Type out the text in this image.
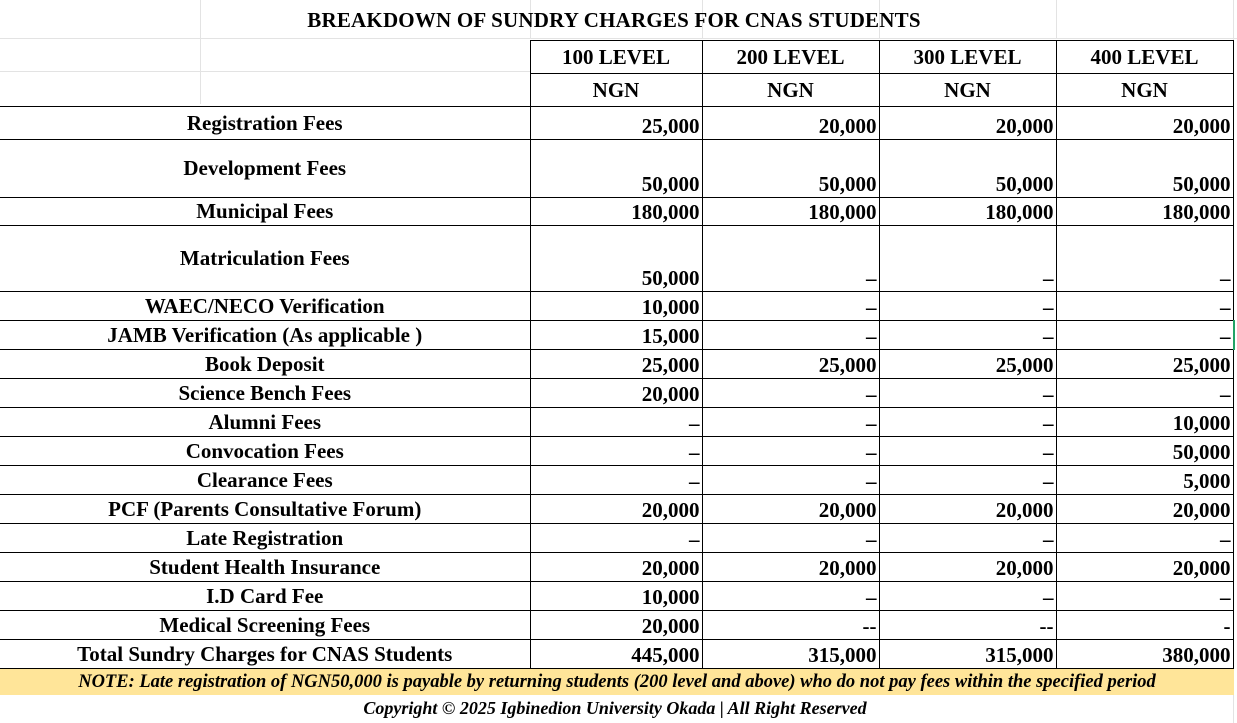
BREAKDOWN OF SUNDRY CHARGES FOR CNAS STUDENTS
	100 LEVEL	200 LEVEL	300 LEVEL	400 LEVEL
	NGN	NGN	NGN	NGN
Registration Fees	25,000	20,000	20,000	20,000
Development Fees	50,000	50,000	50,000	50,000
Municipal Fees	180,000	180,000	180,000	180,000
Matriculation Fees	50,000	–	–	–
WAEC/NECO Verification	10,000	–	–	–
JAMB Verification (As applicable )	15,000	–	–	–
Book Deposit	25,000	25,000	25,000	25,000
Science Bench Fees	20,000	–	–	–
Alumni Fees	–	–	–	10,000
Convocation Fees	–	–	–	50,000
Clearance Fees	–	–	–	5,000
PCF (Parents Consultative Forum)	20,000	20,000	20,000	20,000
Late Registration	–	–	–	–
Student Health Insurance	20,000	20,000	20,000	20,000
I.D Card Fee	10,000	–	–	–
Medical Screening Fees	20,000	--	--	-
Total Sundry Charges for CNAS Students	445,000	315,000	315,000	380,000
NOTE: Late registration of NGN50,000 is payable by returning students (200 level and above) who do not pay fees within the specified period
Copyright © 2025 Igbinedion University Okada | All Right Reserved
